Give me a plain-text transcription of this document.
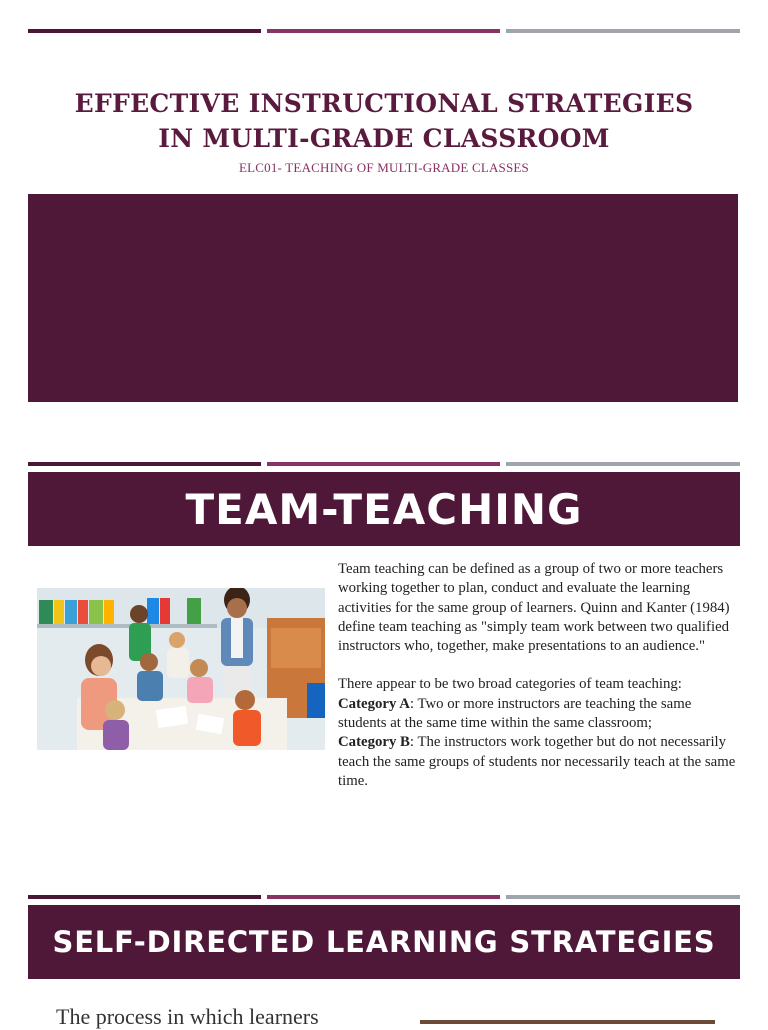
EFFECTIVE INSTRUCTIONAL STRATEGIES
IN MULTI-GRADE CLASSROOM
ELC01- TEACHING OF MULTI-GRADE CLASSES
TEAM-TEACHING

Team teaching can be defined as a group of two or more teachers working together to plan, conduct and evaluate the learning activities for the same group of learners. Quinn and Kanter (1984) define team teaching as "simply team work between two qualified instructors who, together, make presentations to an audience."

There appear to be two broad categories of team teaching:

Category A: Two or more instructors are teaching the same students at the same time within the same classroom;

Category B: The instructors work together but do not necessarily teach the same groups of students nor necessarily teach at the same time.

SELF-DIRECTED LEARNING STRATEGIES
The process in which learners
